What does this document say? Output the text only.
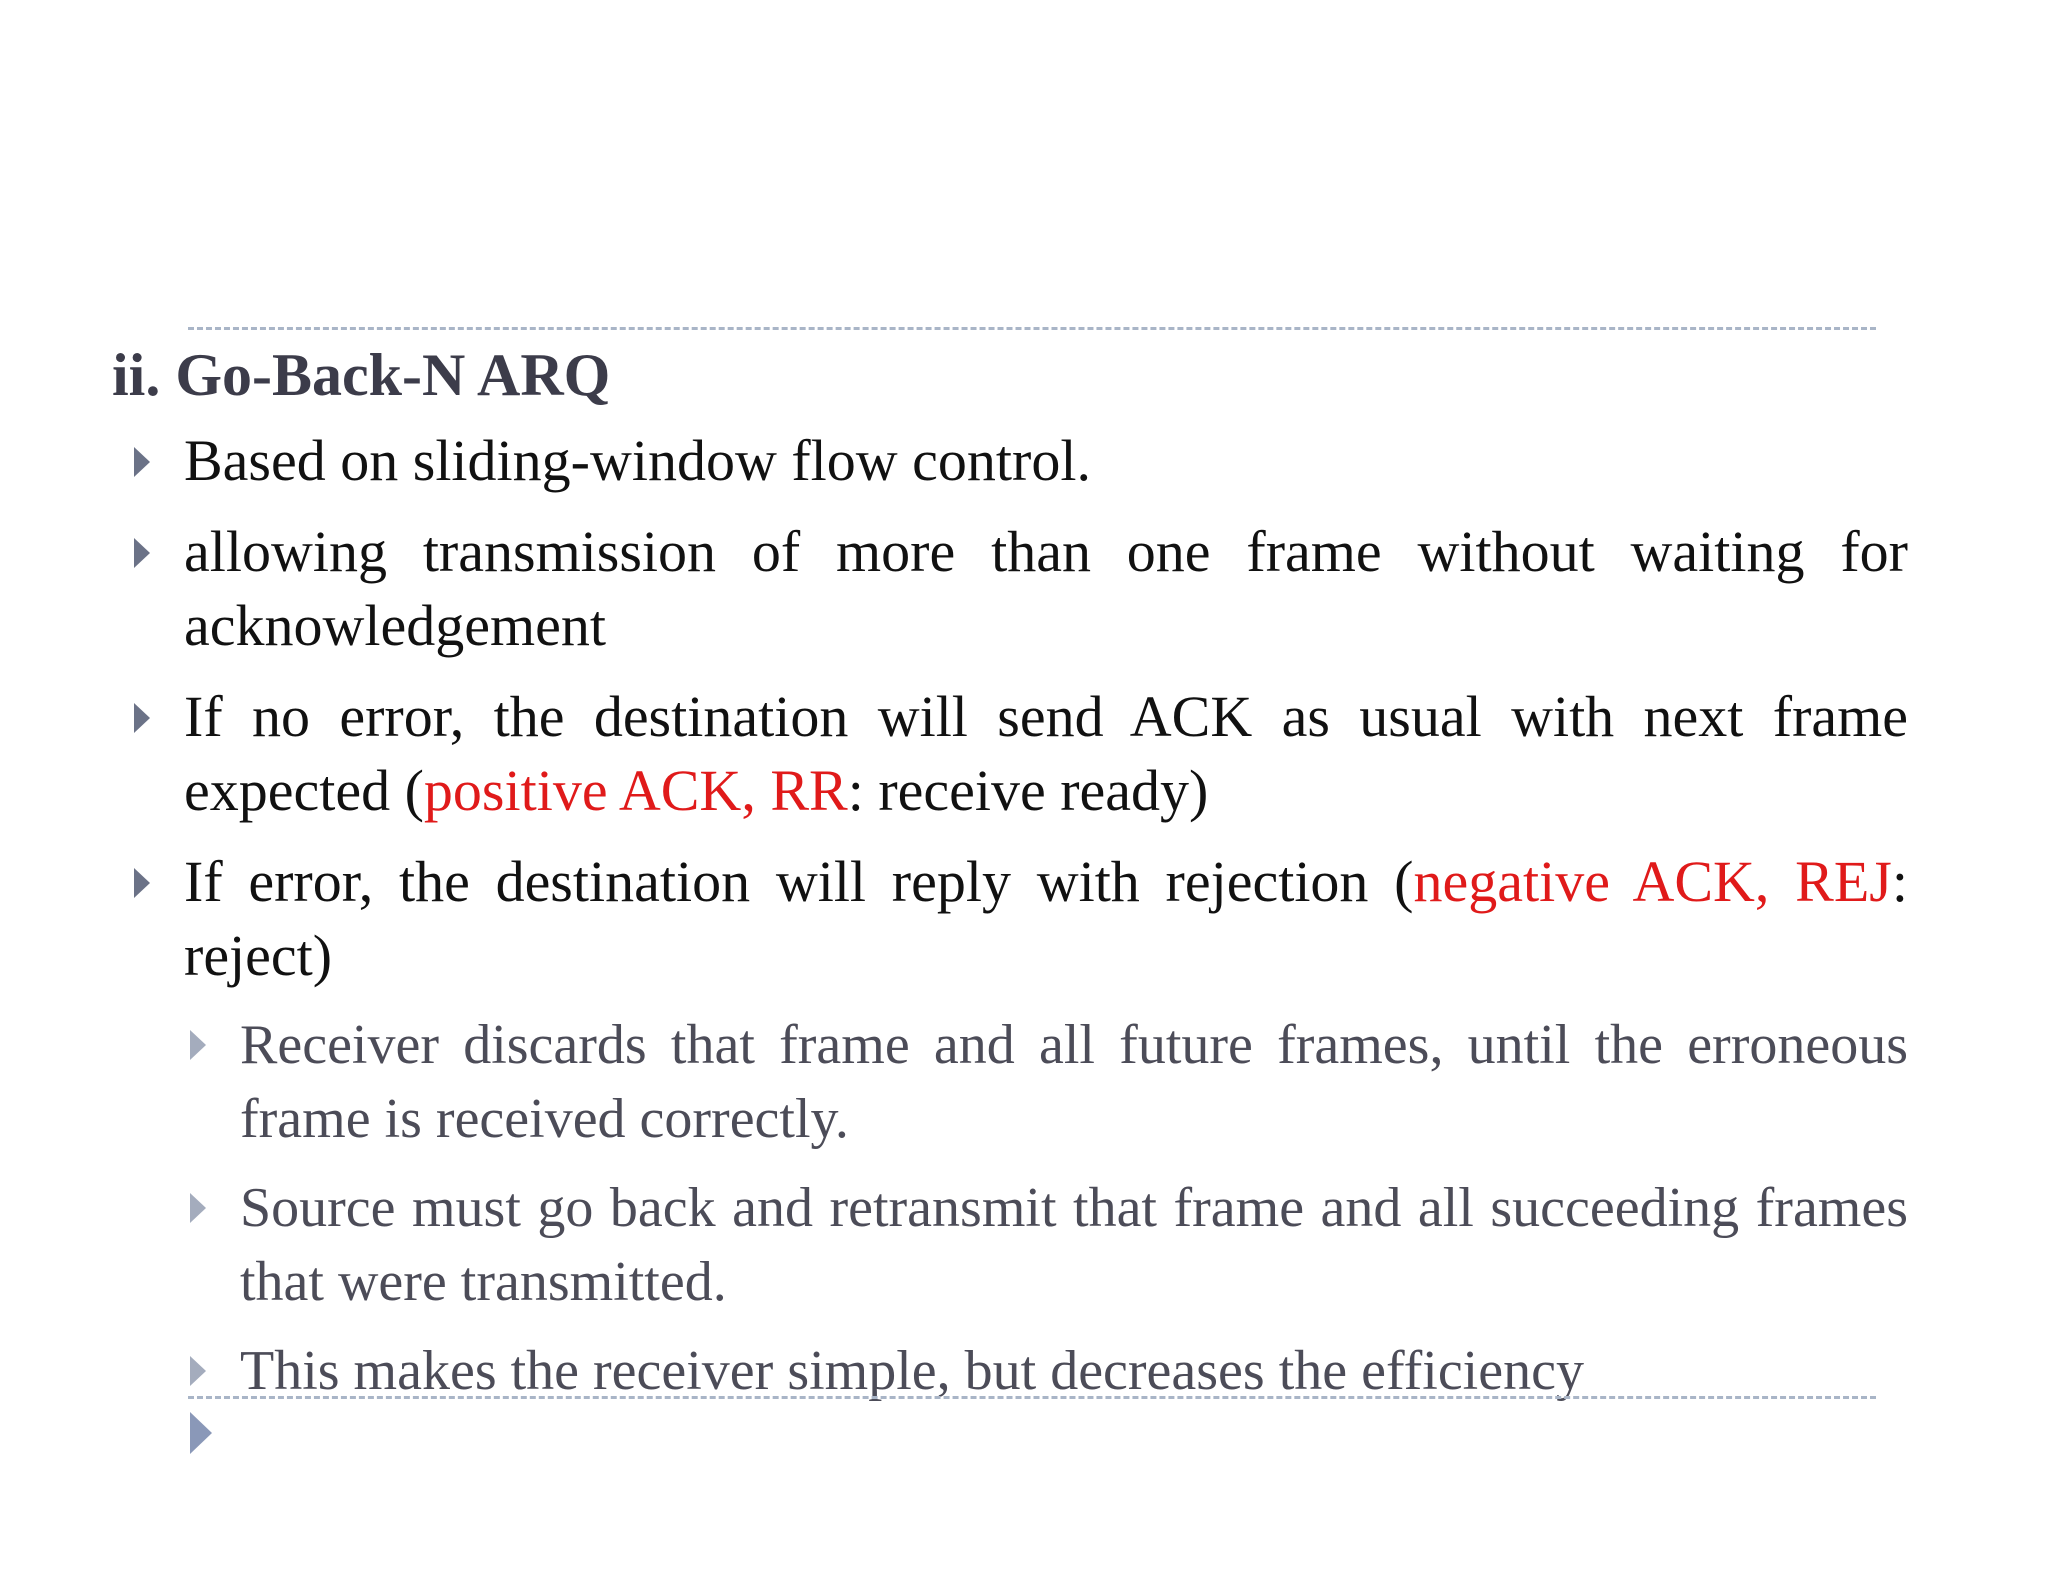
ii. Go-Back-N ARQ

Based on sliding-window flow control.

allowing transmission of more than one frame without waiting for acknowledgement

If no error, the destination will send ACK as usual with next frame expected (positive ACK, RR: receive ready)

If error, the destination will reply with rejection (negative ACK, REJ: reject)

Receiver discards that frame and all future frames, until the erroneous frame is received correctly.

Source must go back and retransmit that frame and all succeeding frames that were transmitted.

This makes the receiver simple, but decreases the efficiency
